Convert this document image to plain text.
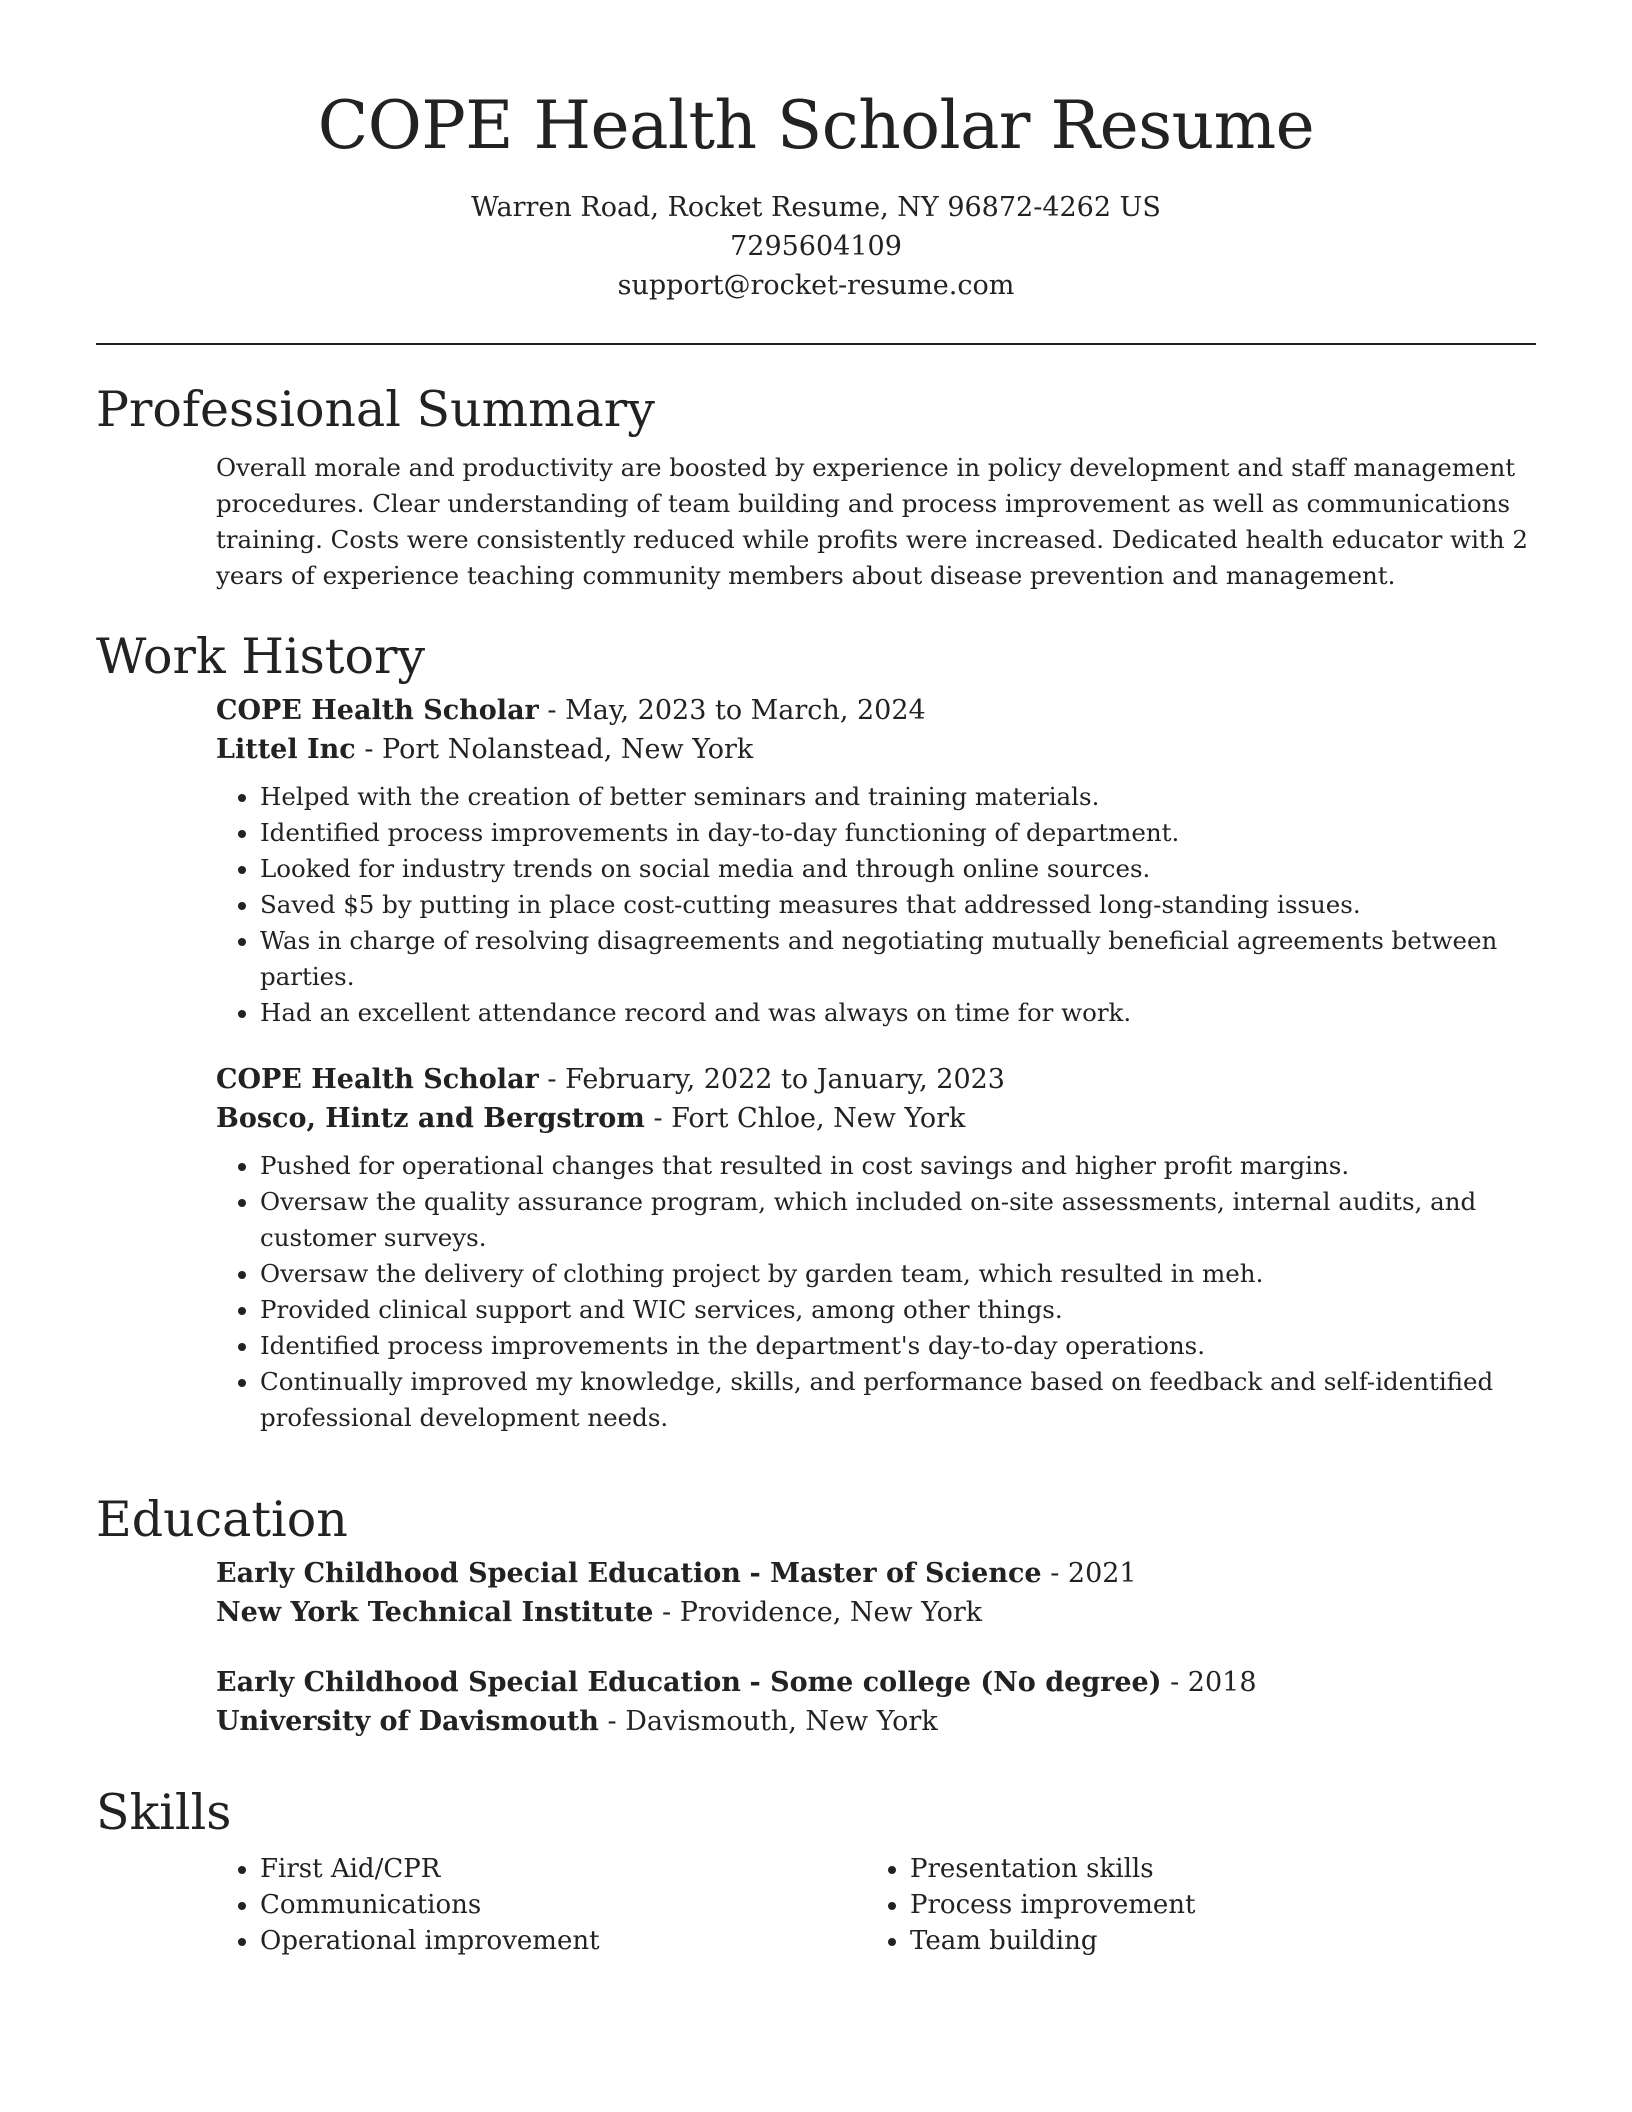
COPE Health Scholar Resume
Warren Road, Rocket Resume, NY 96872-4262 US
7295604109
support@rocket-resume.com
Professional Summary
Overall morale and productivity are boosted by experience in policy development and staff management procedures. Clear understanding of team building and process improvement as well as communications training. Costs were consistently reduced while profits were increased. Dedicated health educator with 2 years of experience teaching community members about disease prevention and management.
Work History
COPE Health Scholar - May, 2023 to March, 2024
Littel Inc - Port Nolanstead, New York
• Helped with the creation of better seminars and training materials.
• Identified process improvements in day-to-day functioning of department.
• Looked for industry trends on social media and through online sources.
• Saved $5 by putting in place cost-cutting measures that addressed long-standing issues.
• Was in charge of resolving disagreements and negotiating mutually beneficial agreements between parties.
• Had an excellent attendance record and was always on time for work.
COPE Health Scholar - February, 2022 to January, 2023
Bosco, Hintz and Bergstrom - Fort Chloe, New York
• Pushed for operational changes that resulted in cost savings and higher profit margins.
• Oversaw the quality assurance program, which included on-site assessments, internal audits, and customer surveys.
• Oversaw the delivery of clothing project by garden team, which resulted in meh.
• Provided clinical support and WIC services, among other things.
• Identified process improvements in the department's day-to-day operations.
• Continually improved my knowledge, skills, and performance based on feedback and self-identified professional development needs.
Education
Early Childhood Special Education - Master of Science - 2021
New York Technical Institute - Providence, New York
Early Childhood Special Education - Some college (No degree) - 2018
University of Davismouth - Davismouth, New York
Skills
• First Aid/CPR
• Communications
• Operational improvement
• Presentation skills
• Process improvement
• Team building
